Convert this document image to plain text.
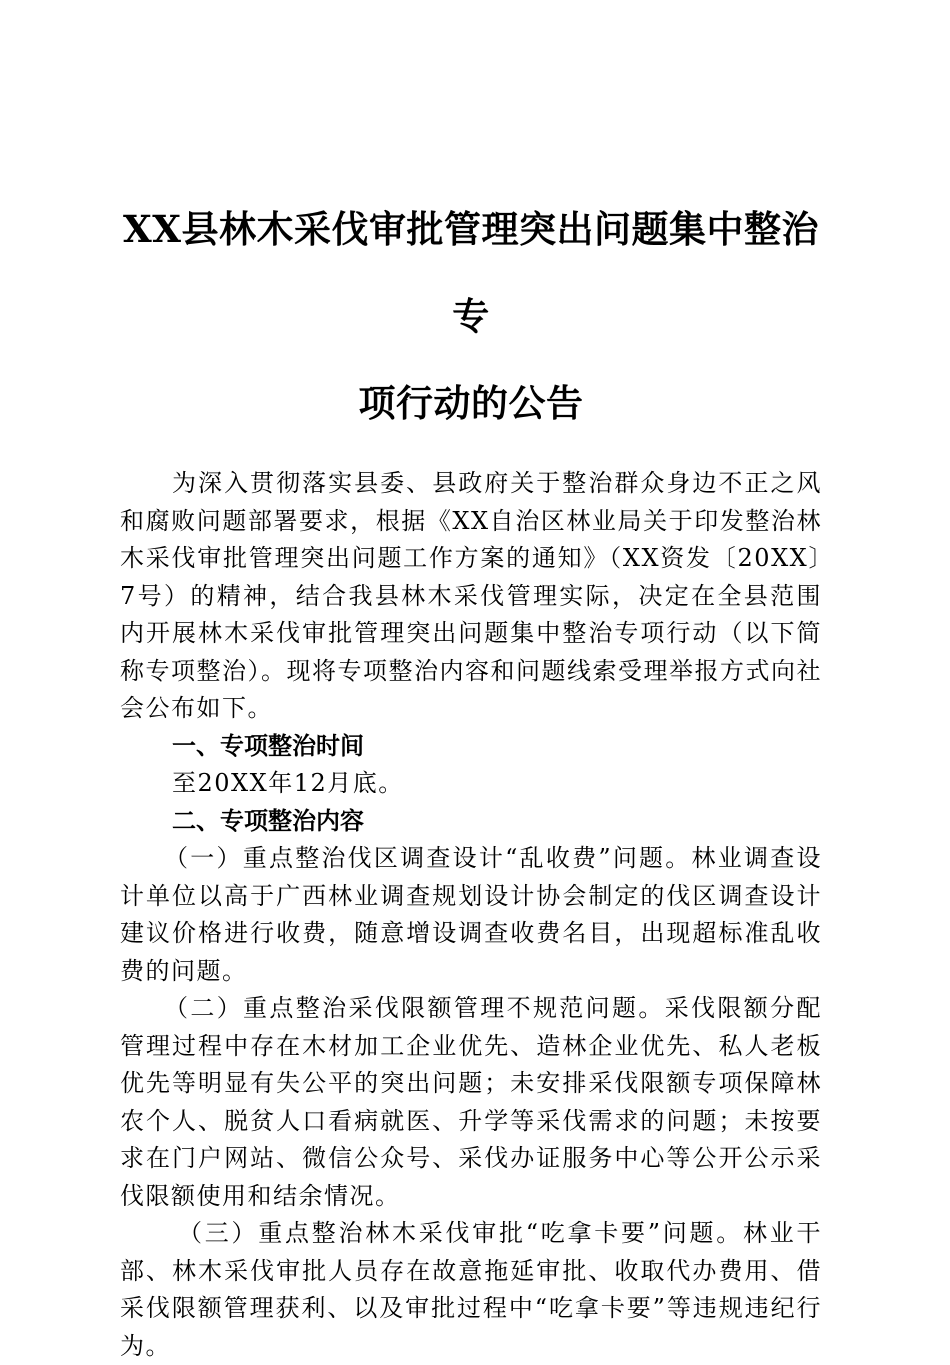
XX县林木采伐审批管理突出问题集中整治专
项行动的公告

为深入贯彻落实县委、县政府关于整治群众身边不正之风和腐败问题部署要求，根据《XX自治区林业局关于印发整治林木采伐审批管理突出问题工作方案的通知》（XX资发〔20XX〕7号）的精神，结合我县林木采伐管理实际，决定在全县范围内开展林木采伐审批管理突出问题集中整治专项行动（以下简称专项整治）。现将专项整治内容和问题线索受理举报方式向社会公布如下。

一、专项整治时间

至20XX年12月底。

二、专项整治内容

（一）重点整治伐区调查设计“乱收费”问题。林业调查设计单位以高于广西林业调查规划设计协会制定的伐区调查设计建议价格进行收费，随意增设调查收费名目，出现超标准乱收费的问题。

（二）重点整治采伐限额管理不规范问题。采伐限额分配管理过程中存在木材加工企业优先、造林企业优先、私人老板优先等明显有失公平的突出问题；未安排采伐限额专项保障林农个人、脱贫人口看病就医、升学等采伐需求的问题；未按要求在门户网站、微信公众号、采伐办证服务中心等公开公示采伐限额使用和结余情况。

（三）重点整治林木采伐审批“吃拿卡要”问题。林业干部、林木采伐审批人员存在故意拖延审批、收取代办费用、借采伐限额管理获利、以及审批过程中“吃拿卡要”等违规违纪行为。
